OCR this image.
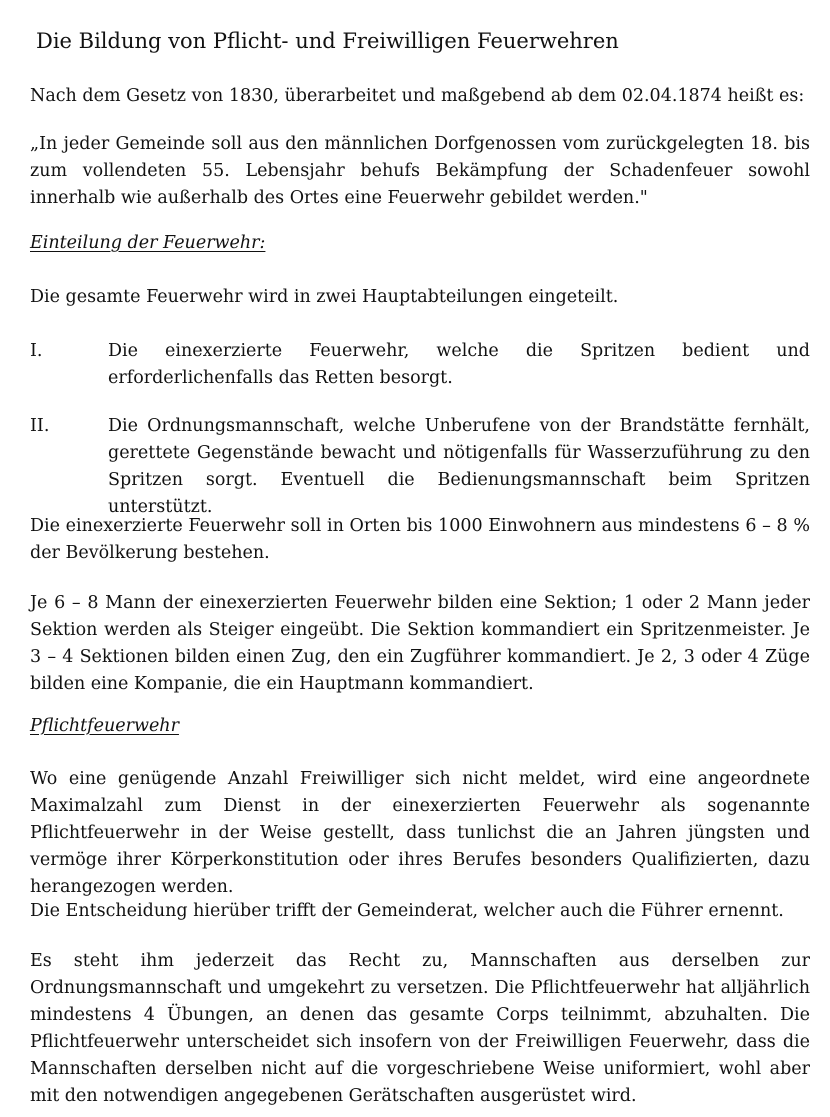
Die Bildung von Pflicht- und Freiwilligen Feuerwehren

Nach dem Gesetz von 1830, überarbeitet und maßgebend ab dem 02.04.1874 heißt es:

„In jeder Gemeinde soll aus den männlichen Dorfgenossen vom zurückgelegten 18. bis zum vollendeten 55. Lebensjahr behufs Bekämpfung der Schadenfeuer sowohl innerhalb wie außerhalb des Ortes eine Feuerwehr gebildet werden."

Einteilung der Feuerwehr:

Die gesamte Feuerwehr wird in zwei Hauptabteilungen eingeteilt.

I.	Die einexerzierte Feuerwehr, welche die Spritzen bedient und erforderlichenfalls das Retten besorgt.

II.	Die Ordnungsmannschaft, welche Unberufene von der Brandstätte fernhält, gerettete Gegenstände bewacht und nötigenfalls für Wasserzuführung zu den Spritzen sorgt. Eventuell die Bedienungsmannschaft beim Spritzen unterstützt.

Die einexerzierte Feuerwehr soll in Orten bis 1000 Einwohnern aus mindestens 6 – 8 % der Bevölkerung bestehen.

Je 6 – 8 Mann der einexerzierten Feuerwehr bilden eine Sektion; 1 oder 2 Mann jeder Sektion werden als Steiger eingeübt. Die Sektion kommandiert ein Spritzenmeister. Je 3 – 4 Sektionen bilden einen Zug, den ein Zugführer kommandiert. Je 2, 3 oder 4 Züge bilden eine Kompanie, die ein Hauptmann kommandiert.

Pflichtfeuerwehr

Wo eine genügende Anzahl Freiwilliger sich nicht meldet, wird eine angeordnete Maximalzahl zum Dienst in der einexerzierten Feuerwehr als sogenannte Pflichtfeuerwehr in der Weise gestellt, dass tunlichst die an Jahren jüngsten und vermöge ihrer Körperkonstitution oder ihres Berufes besonders Qualifizierten, dazu herangezogen werden.

Die Entscheidung hierüber trifft der Gemeinderat, welcher auch die Führer ernennt.

Es steht ihm jederzeit das Recht zu, Mannschaften aus derselben zur Ordnungsmannschaft und umgekehrt zu versetzen. Die Pflichtfeuerwehr hat alljährlich mindestens 4 Übungen, an denen das gesamte Corps teilnimmt, abzuhalten. Die Pflichtfeuerwehr unterscheidet sich insofern von der Freiwilligen Feuerwehr, dass die Mannschaften derselben nicht auf die vorgeschriebene Weise uniformiert, wohl aber mit den notwendigen angegebenen Gerätschaften ausgerüstet wird.
